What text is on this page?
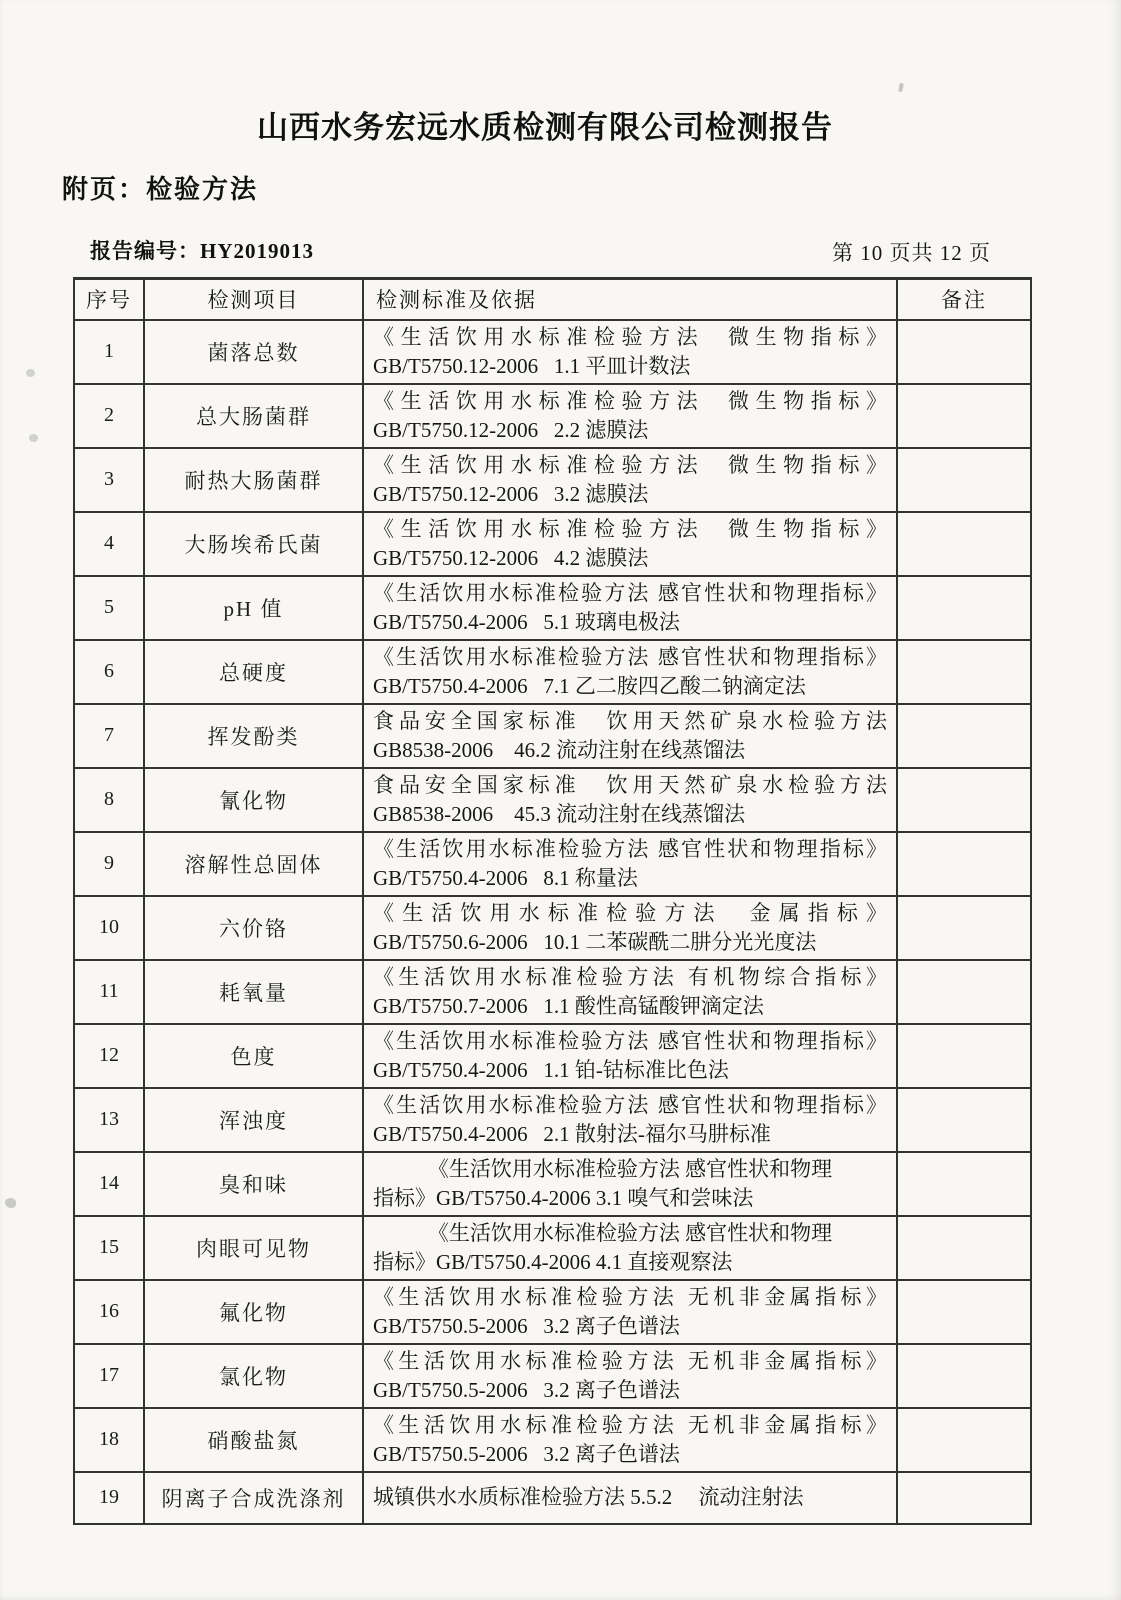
山西水务宏远水质检测有限公司检测报告
附页：检验方法
报告编号：HY2019013	第 10 页共 12 页
序号	检测项目	检测标准及依据	备注
1	菌落总数	《生活饮用水标准检验方法  微生物指标》
GB/T5750.12-2006   1.1 平皿计数法	

2	总大肠菌群	《生活饮用水标准检验方法  微生物指标》
GB/T5750.12-2006   2.2 滤膜法	

3	耐热大肠菌群	《生活饮用水标准检验方法  微生物指标》
GB/T5750.12-2006   3.2 滤膜法	

4	大肠埃希氏菌	《生活饮用水标准检验方法  微生物指标》
GB/T5750.12-2006   4.2 滤膜法	

5	pH 值	《生活饮用水标准检验方法 感官性状和物理指标》
GB/T5750.4-2006   5.1 玻璃电极法	

6	总硬度	《生活饮用水标准检验方法 感官性状和物理指标》
GB/T5750.4-2006   7.1 乙二胺四乙酸二钠滴定法	

7	挥发酚类	食品安全国家标准　饮用天然矿泉水检验方法
GB8538-2006    46.2 流动注射在线蒸馏法	

8	氰化物	食品安全国家标准　饮用天然矿泉水检验方法
GB8538-2006    45.3 流动注射在线蒸馏法	

9	溶解性总固体	《生活饮用水标准检验方法 感官性状和物理指标》
GB/T5750.4-2006   8.1 称量法	

10	六价铬	《生活饮用水标准检验方法  金属指标》
GB/T5750.6-2006   10.1 二苯碳酰二肼分光光度法	

11	耗氧量	《生活饮用水标准检验方法 有机物综合指标》
GB/T5750.7-2006   1.1 酸性高锰酸钾滴定法	

12	色度	《生活饮用水标准检验方法 感官性状和物理指标》
GB/T5750.4-2006   1.1 铂-钴标准比色法	

13	浑浊度	《生活饮用水标准检验方法 感官性状和物理指标》
GB/T5750.4-2006   2.1 散射法-福尔马肼标准	

14	臭和味	《生活饮用水标准检验方法 感官性状和物理
指标》GB/T5750.4-2006 3.1 嗅气和尝味法	

15	肉眼可见物	《生活饮用水标准检验方法 感官性状和物理
指标》GB/T5750.4-2006 4.1 直接观察法	

16	氟化物	《生活饮用水标准检验方法 无机非金属指标》
GB/T5750.5-2006   3.2 离子色谱法	

17	氯化物	《生活饮用水标准检验方法 无机非金属指标》
GB/T5750.5-2006   3.2 离子色谱法	

18	硝酸盐氮	《生活饮用水标准检验方法 无机非金属指标》
GB/T5750.5-2006   3.2 离子色谱法	

19	阴离子合成洗涤剂	城镇供水水质标准检验方法 5.5.2　 流动注射法	
